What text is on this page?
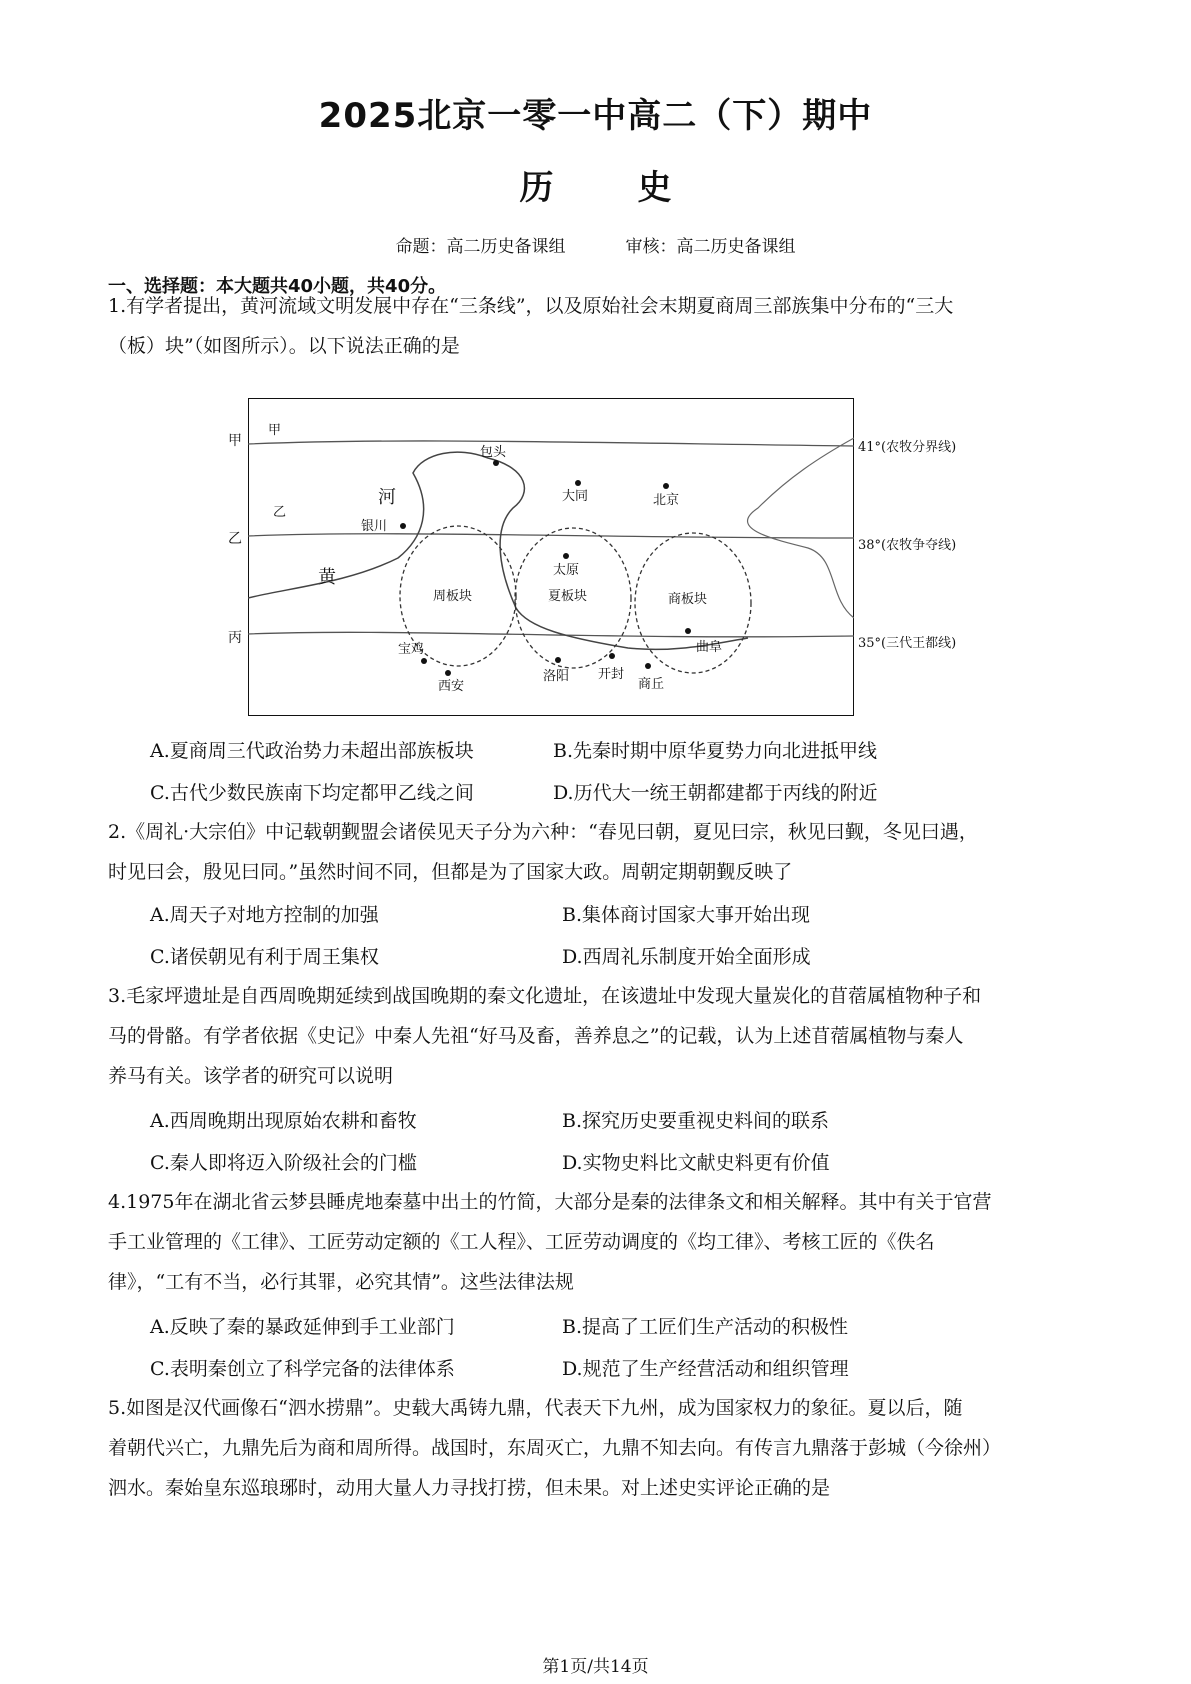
2025北京一零一中高二（下）期中
历 史
命题：高二历史备课组	审核：高二历史备课组
一、选择题：本大题共40小题，共40分。
1.有学者提出，黄河流域文明发展中存在“三条线”，以及原始社会末期夏商周三部族集中分布的“三大
（板）块”（如图所示）。以下说法正确的是
甲
乙
黄
河
包头
大同	北京
银川
太原
曲阜
宝鸡
西安
洛阳 开封
商丘
周板块	夏板块	商板块
甲
乙
丙
41°(农牧分界线)
38°(农牧争夺线)
35°(三代王都线)
A.夏商周三代政治势力未超出部族板块	B.先秦时期中原华夏势力向北进抵甲线
C.古代少数民族南下均定都甲乙线之间	D.历代大一统王朝都建都于丙线的附近
2.《周礼·大宗伯》中记载朝觐盟会诸侯见天子分为六种：“春见曰朝，夏见曰宗，秋见曰觐，冬见曰遇，
时见曰会，殷见曰同。”虽然时间不同，但都是为了国家大政。周朝定期朝觐反映了
A.周天子对地方控制的加强	B.集体商讨国家大事开始出现
C.诸侯朝见有利于周王集权	D.西周礼乐制度开始全面形成
3.毛家坪遗址是自西周晚期延续到战国晚期的秦文化遗址，在该遗址中发现大量炭化的苜蓿属植物种子和
马的骨骼。有学者依据《史记》中秦人先祖“好马及畜，善养息之”的记载，认为上述苜蓿属植物与秦人
养马有关。该学者的研究可以说明
A.西周晚期出现原始农耕和畜牧	B.探究历史要重视史料间的联系
C.秦人即将迈入阶级社会的门槛	D.实物史料比文献史料更有价值
4.1975年在湖北省云梦县睡虎地秦墓中出土的竹简，大部分是秦的法律条文和相关解释。其中有关于官营
手工业管理的《工律》、工匠劳动定额的《工人程》、工匠劳动调度的《均工律》、考核工匠的《佚名
律》，“工有不当，必行其罪，必究其情”。这些法律法规
A.反映了秦的暴政延伸到手工业部门	B.提高了工匠们生产活动的积极性
C.表明秦创立了科学完备的法律体系	D.规范了生产经营活动和组织管理
5.如图是汉代画像石“泗水捞鼎”。史载大禹铸九鼎，代表天下九州，成为国家权力的象征。夏以后，随
着朝代兴亡，九鼎先后为商和周所得。战国时，东周灭亡，九鼎不知去向。有传言九鼎落于彭城（今徐州）
泗水。秦始皇东巡琅琊时，动用大量人力寻找打捞，但未果。对上述史实评论正确的是
第1页/共14页
